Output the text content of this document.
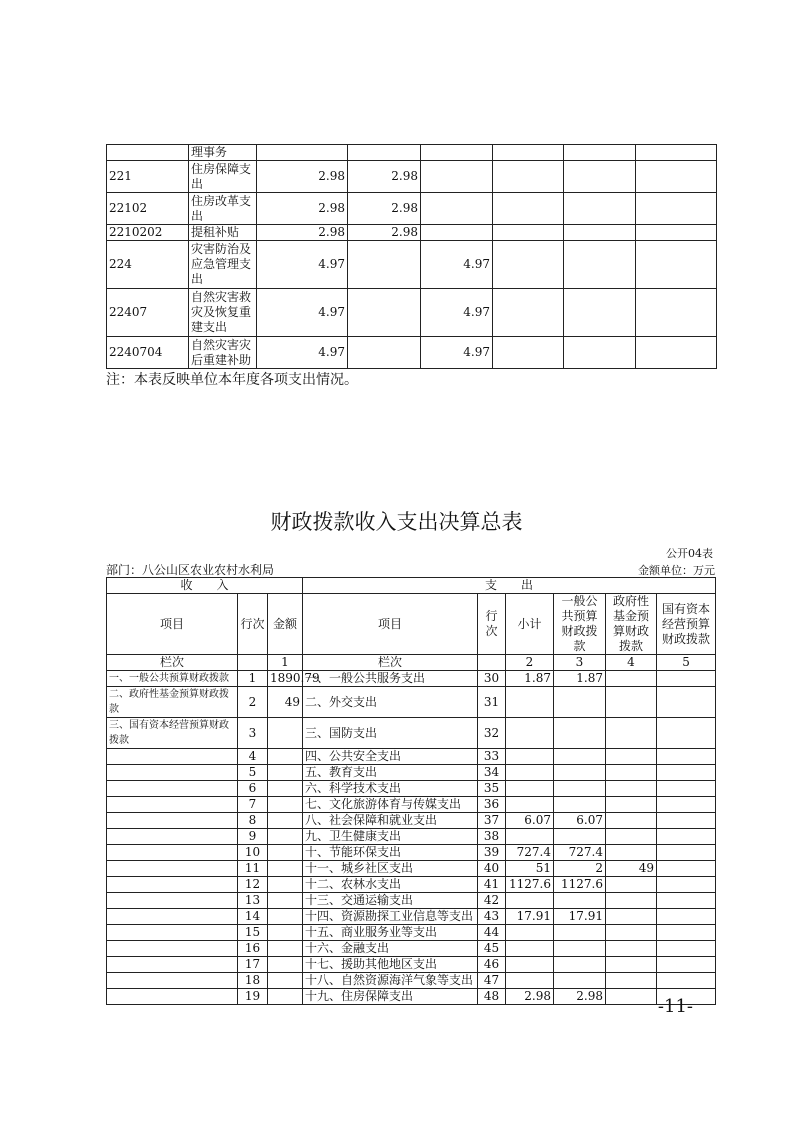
	理事务						
221	住房保障支出	2.98	2.98				
22102	住房改革支出	2.98	2.98				
2210202	提租补贴	2.98	2.98				
224	灾害防治及应急管理支出	4.97		4.97			
22407	自然灾害救灾及恢复重建支出	4.97		4.97			
2240704	自然灾害灾后重建补助	4.97		4.97			
注：本表反映单位本年度各项支出情况。
财政拨款收入支出决算总表
公开04表
部门：八公山区农业农村水利局	金额单位：万元
收　　入			支　　出					
项目	行次	金额	项目	行次	小计	一般公共预算财政拨款	政府性基金预算财政拨款	国有资本经营预算财政拨款
栏次		1	栏次		2	3	4	5
一、一般公共预算财政拨款	1	1890.79	一、一般公共服务支出	30	1.87	1.87		
二、政府性基金预算财政拨款	2	49	二、外交支出	31				
三、国有资本经营预算财政拨款	3		三、国防支出	32				
	4		四、公共安全支出	33				
	5		五、教育支出	34				
	6		六、科学技术支出	35				
	7		七、文化旅游体育与传媒支出	36				
	8		八、社会保障和就业支出	37	6.07	6.07		
	9		九、卫生健康支出	38				
	10		十、节能环保支出	39	727.4	727.4		
	11		十一、城乡社区支出	40	51	2	49	
	12		十二、农林水支出	41	1127.6	1127.6		
	13		十三、交通运输支出	42				
	14		十四、资源勘探工业信息等支出	43	17.91	17.91		
	15		十五、商业服务业等支出	44				
	16		十六、金融支出	45				
	17		十七、援助其他地区支出	46				
	18		十八、自然资源海洋气象等支出	47				
	19		十九、住房保障支出	48	2.98	2.98			-11-
